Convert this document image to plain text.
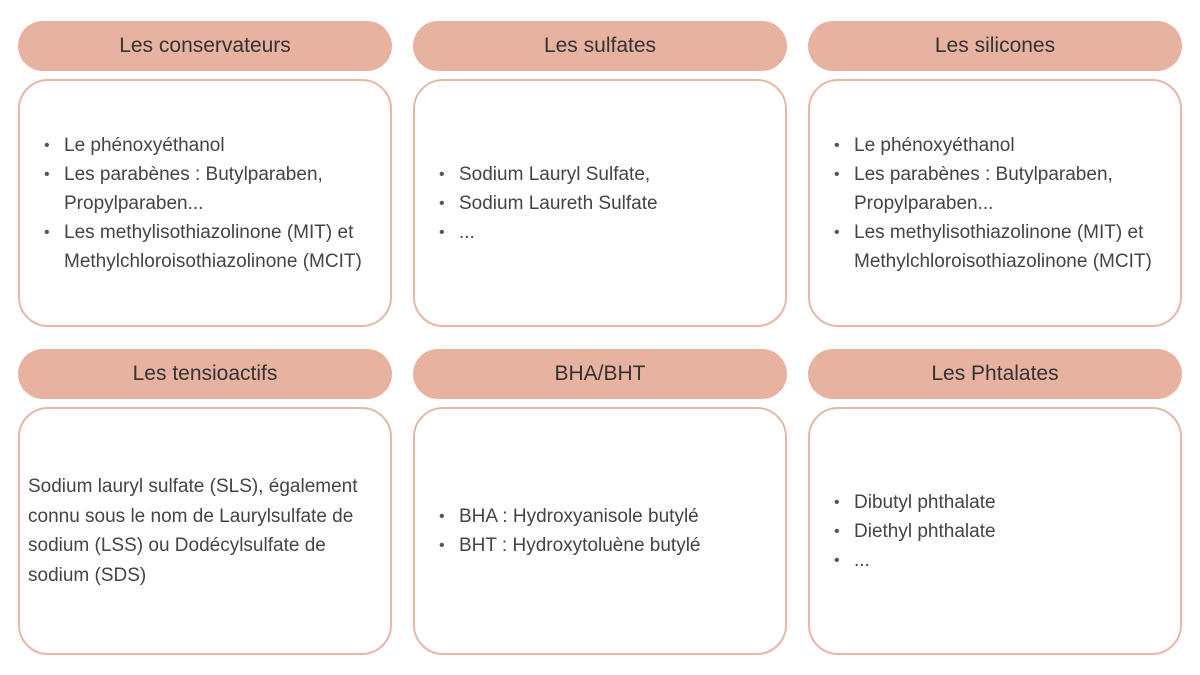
Les conservateurs
• Le phénoxyéthanol
• Les parabènes : Butylparaben, Propylparaben...
• Les methylisothiazolinone (MIT) et Methylchloroisothiazolinone (MCIT)
Les sulfates
• Sodium Lauryl Sulfate,
• Sodium Laureth Sulfate
• ...
Les silicones
• Le phénoxyéthanol
• Les parabènes : Butylparaben, Propylparaben...
• Les methylisothiazolinone (MIT) et Methylchloroisothiazolinone (MCIT)
Les tensioactifs

Sodium lauryl sulfate (SLS), également connu sous le nom de Laurylsulfate de sodium (LSS) ou Dodécylsulfate de sodium (SDS)

BHA/BHT
• BHA : Hydroxyanisole butylé
• BHT : Hydroxytoluène butylé
Les Phtalates
• Dibutyl phthalate
• Diethyl phthalate
• ...
